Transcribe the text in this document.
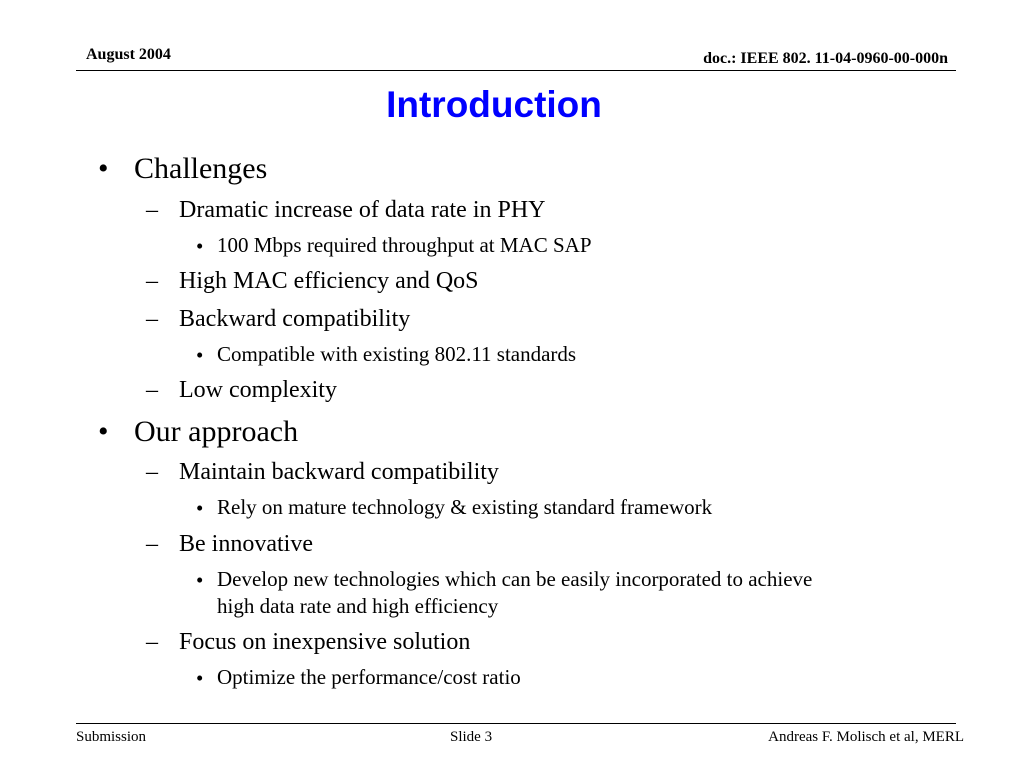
August 2004	doc.: IEEE 802. 11-04-0960-00-000n
Introduction
• Challenges
– Dramatic increase of data rate in PHY
• 100 Mbps required throughput at MAC SAP
– High MAC efficiency and QoS
– Backward compatibility
• Compatible with existing 802.11 standards
– Low complexity
• Our approach
– Maintain backward compatibility
• Rely on mature technology & existing standard framework
– Be innovative
• Develop new technologies which can be easily incorporated to achieve
high data rate and high efficiency
– Focus on inexpensive solution
• Optimize the performance/cost ratio
Submission	Slide 3	Andreas F. Molisch et al, MERL
